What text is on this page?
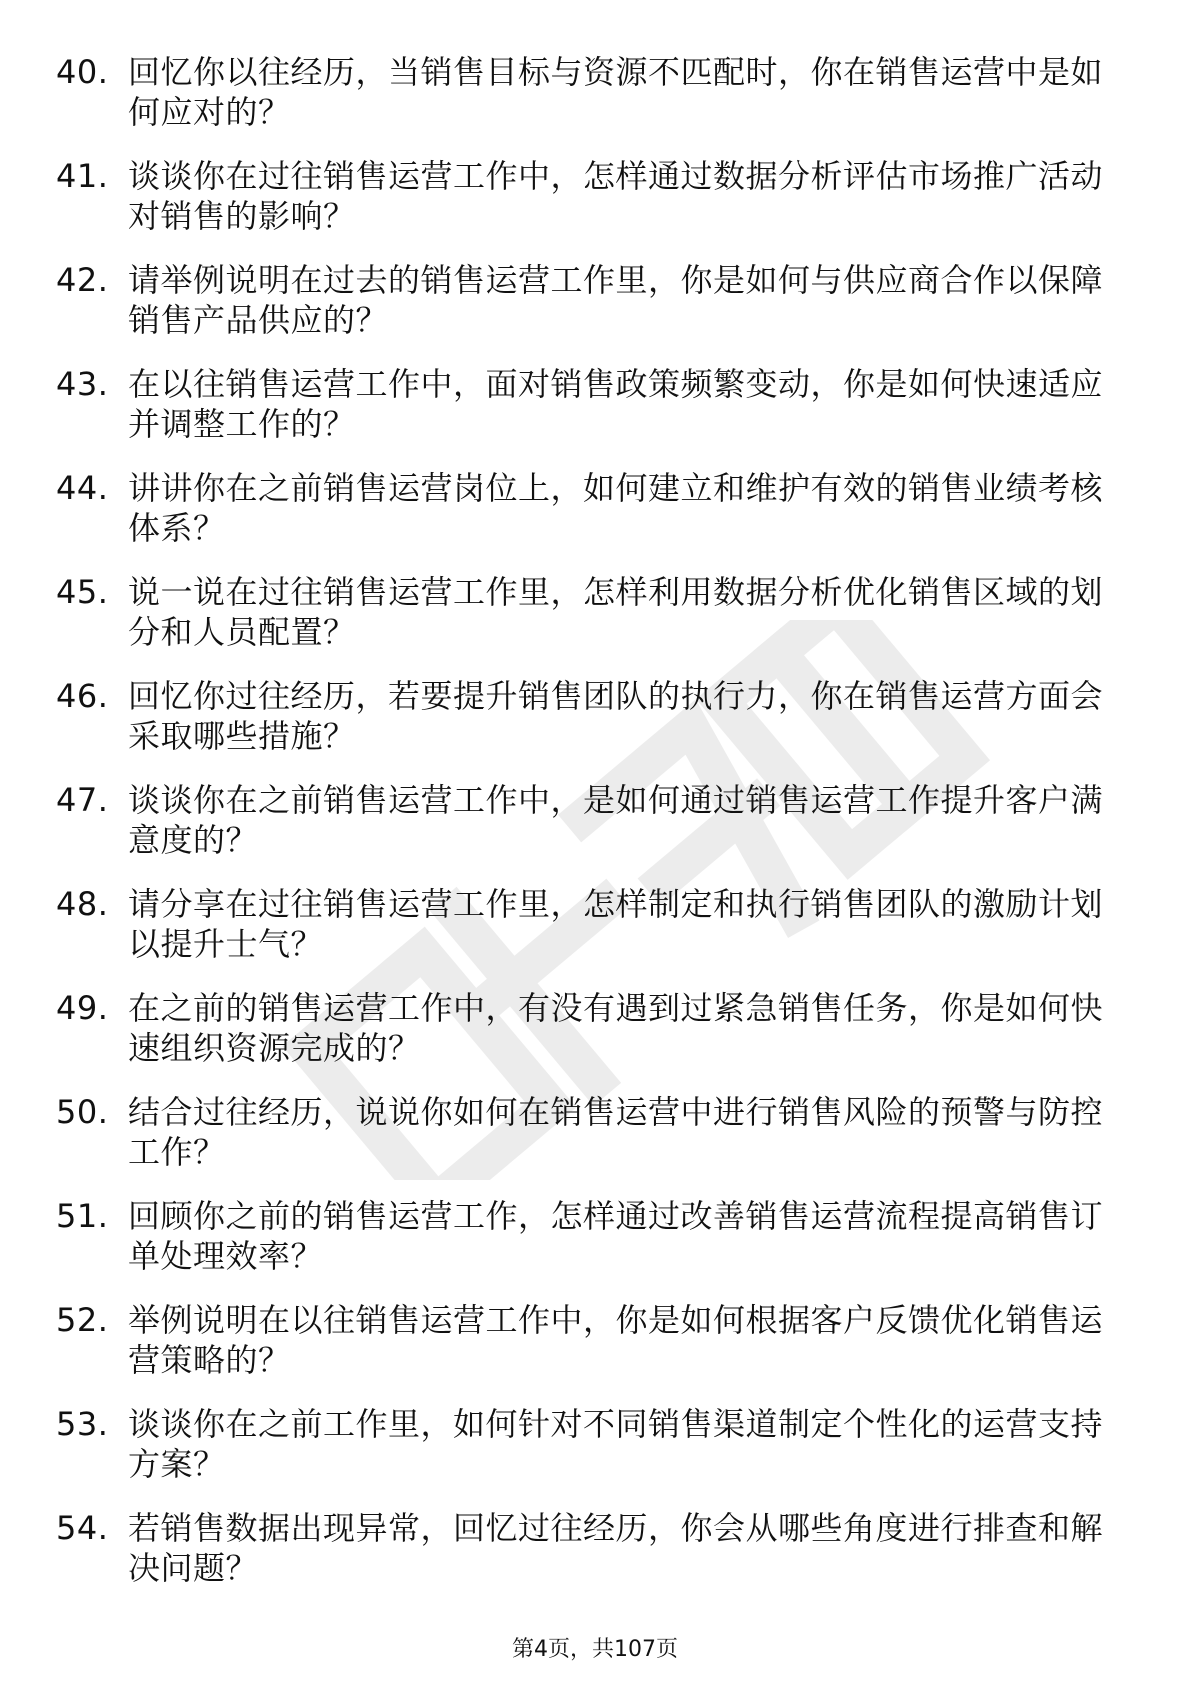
40. 回忆你以往经历，当销售目标与资源不匹配时，你在销售运营中是如何应对的？
41. 谈谈你在过往销售运营工作中，怎样通过数据分析评估市场推广活动对销售的影响？
42. 请举例说明在过去的销售运营工作里，你是如何与供应商合作以保障销售产品供应的？
43. 在以往销售运营工作中，面对销售政策频繁变动，你是如何快速适应并调整工作的？
44. 讲讲你在之前销售运营岗位上，如何建立和维护有效的销售业绩考核体系？
45. 说一说在过往销售运营工作里，怎样利用数据分析优化销售区域的划分和人员配置？
46. 回忆你过往经历，若要提升销售团队的执行力，你在销售运营方面会采取哪些措施？
47. 谈谈你在之前销售运营工作中，是如何通过销售运营工作提升客户满意度的？
48. 请分享在过往销售运营工作里，怎样制定和执行销售团队的激励计划以提升士气？
49. 在之前的销售运营工作中，有没有遇到过紧急销售任务，你是如何快速组织资源完成的？
50. 结合过往经历，说说你如何在销售运营中进行销售风险的预警与防控工作？
51. 回顾你之前的销售运营工作，怎样通过改善销售运营流程提高销售订单处理效率？
52. 举例说明在以往销售运营工作中，你是如何根据客户反馈优化销售运营策略的？
53. 谈谈你在之前工作里，如何针对不同销售渠道制定个性化的运营支持方案？
54. 若销售数据出现异常，回忆过往经历，你会从哪些角度进行排查和解决问题？
第4页，共107页
